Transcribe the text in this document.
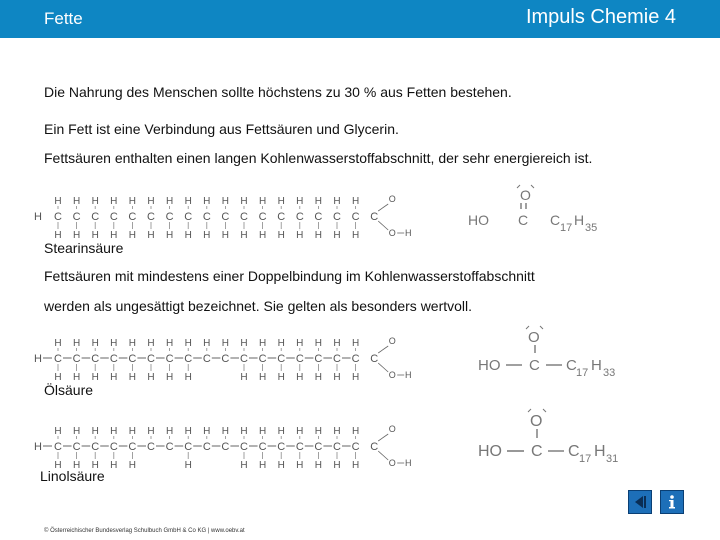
Fette	Impuls Chemie 4
Die Nahrung des Menschen sollte höchstens zu 30 % aus Fetten bestehen.
Ein Fett ist eine Verbindung aus Fettsäuren und Glycerin.
Fettsäuren enthalten einen langen Kohlenwasserstoffabschnitt, der sehr energiereich ist.
H C
H
H
C
H
H
C
H
H
C
H
H
C
H
H
C
H
H
C
H
H
C
H
H
C
H
H
C
H
H
C
H
H
C
H
H
C
H
H
C
H
H
C
H
H
C
H
H
C
H
H
C
O
O H
O
HO C C 17 H 35
Stearinsäure
Fettsäuren mit mindestens einer Doppelbindung im Kohlenwasserstoffabschnitt
werden als ungesättigt bezeichnet. Sie gelten als besonders wertvoll.
H C
H
H
C
H
H
C
H
H
C
H
H
C
H
H
C
H
H
C
H
H
C
H
H
C
H
C
H
C
H
H
C
H
H
C
H
H
C
H
H
C
H
H
C
H
H
C
H
H
C
O
O H
O
HO C C 17 H 33
Ölsäure
H C
H
H
C
H
H
C
H
H
C
H
H
C
H
H
C
H
C
H
C
H
H
C
H
C
H
C
H
H
C
H
H
C
H
H
C
H
H
C
H
H
C
H
H
C
H
H
C
O
O H
O
HO C C 17 H 31
Linolsäure
© Österreichischer Bundesverlag Schulbuch GmbH & Co KG | www.oebv.at
